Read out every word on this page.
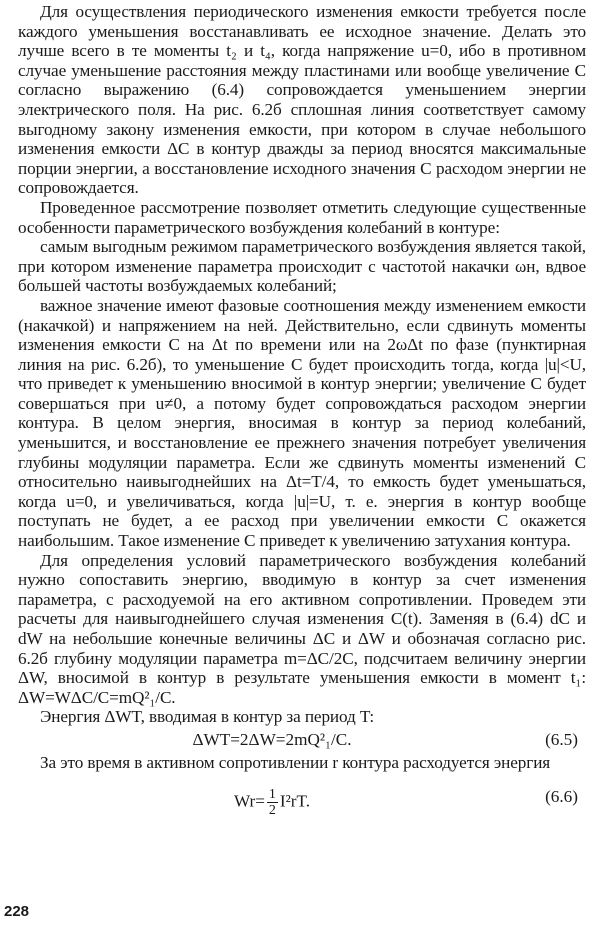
Для осуществления периодического изменения емкости требуется после каждого уменьшения восстанавливать ее исходное значение. Делать это лучше всего в те моменты t₂ и t₄, когда напряжение u=0, ибо в противном случае уменьшение расстояния между пластинами или вообще увеличение C согласно выражению (6.4) сопровождается уменьшением энергии электрического поля. На рис. 6.2б сплошная линия соответствует самому выгодному закону изменения емкости, при котором в случае небольшого изменения емкости ΔC в контур дважды за период вносятся максимальные порции энергии, а восстановление исходного значения C расходом энергии не сопровождается.

Проведенное рассмотрение позволяет отметить следующие существенные особенности параметрического возбуждения колебаний в контуре:

самым выгодным режимом параметрического возбуждения является такой, при котором изменение параметра происходит с частотой накачки ωн, вдвое большей частоты возбуждаемых колебаний;

важное значение имеют фазовые соотношения между изменением емкости (накачкой) и напряжением на ней. Действительно, если сдвинуть моменты изменения емкости C на Δt по времени или на 2ωΔt по фазе (пунктирная линия на рис. 6.2б), то уменьшение C будет происходить тогда, когда |u|<U, что приведет к уменьшению вносимой в контур энергии; увеличение C будет совершаться при u≠0, а потому будет сопровождаться расходом энергии контура. В целом энергия, вносимая в контур за период колебаний, уменьшится, и восстановление ее прежнего значения потребует увеличения глубины модуляции параметра. Если же сдвинуть моменты изменений C относительно наивыгоднейших на Δt=T/4, то емкость будет уменьшаться, когда u=0, и увеличиваться, когда |u|=U, т. е. энергия в контур вообще поступать не будет, а ее расход при увеличении емкости C окажется наибольшим. Такое изменение C приведет к увеличению затухания контура.

Для определения условий параметрического возбуждения колебаний нужно сопоставить энергию, вводимую в контур за счет изменения параметра, с расходуемой на его активном сопротивлении. Проведем эти расчеты для наивыгоднейшего случая изменения C(t). Заменяя в (6.4) dC и dW на небольшие конечные величины ΔC и ΔW и обозначая согласно рис. 6.2б глубину модуляции параметра m=ΔC/2C, подсчитаем величину энергии ΔW, вносимой в контур в результате уменьшения емкости в момент t₁: ΔW=WΔC/C=mQ²₁/C.

Энергия ΔWT, вводимая в контур за период T:

ΔWT=2ΔW=2mQ²₁/C.	(6.5)

За это время в активном сопротивлении r контура расходуется энергия

$Wr= \frac{1}{2} I^2rT$.	(6.6)
228
